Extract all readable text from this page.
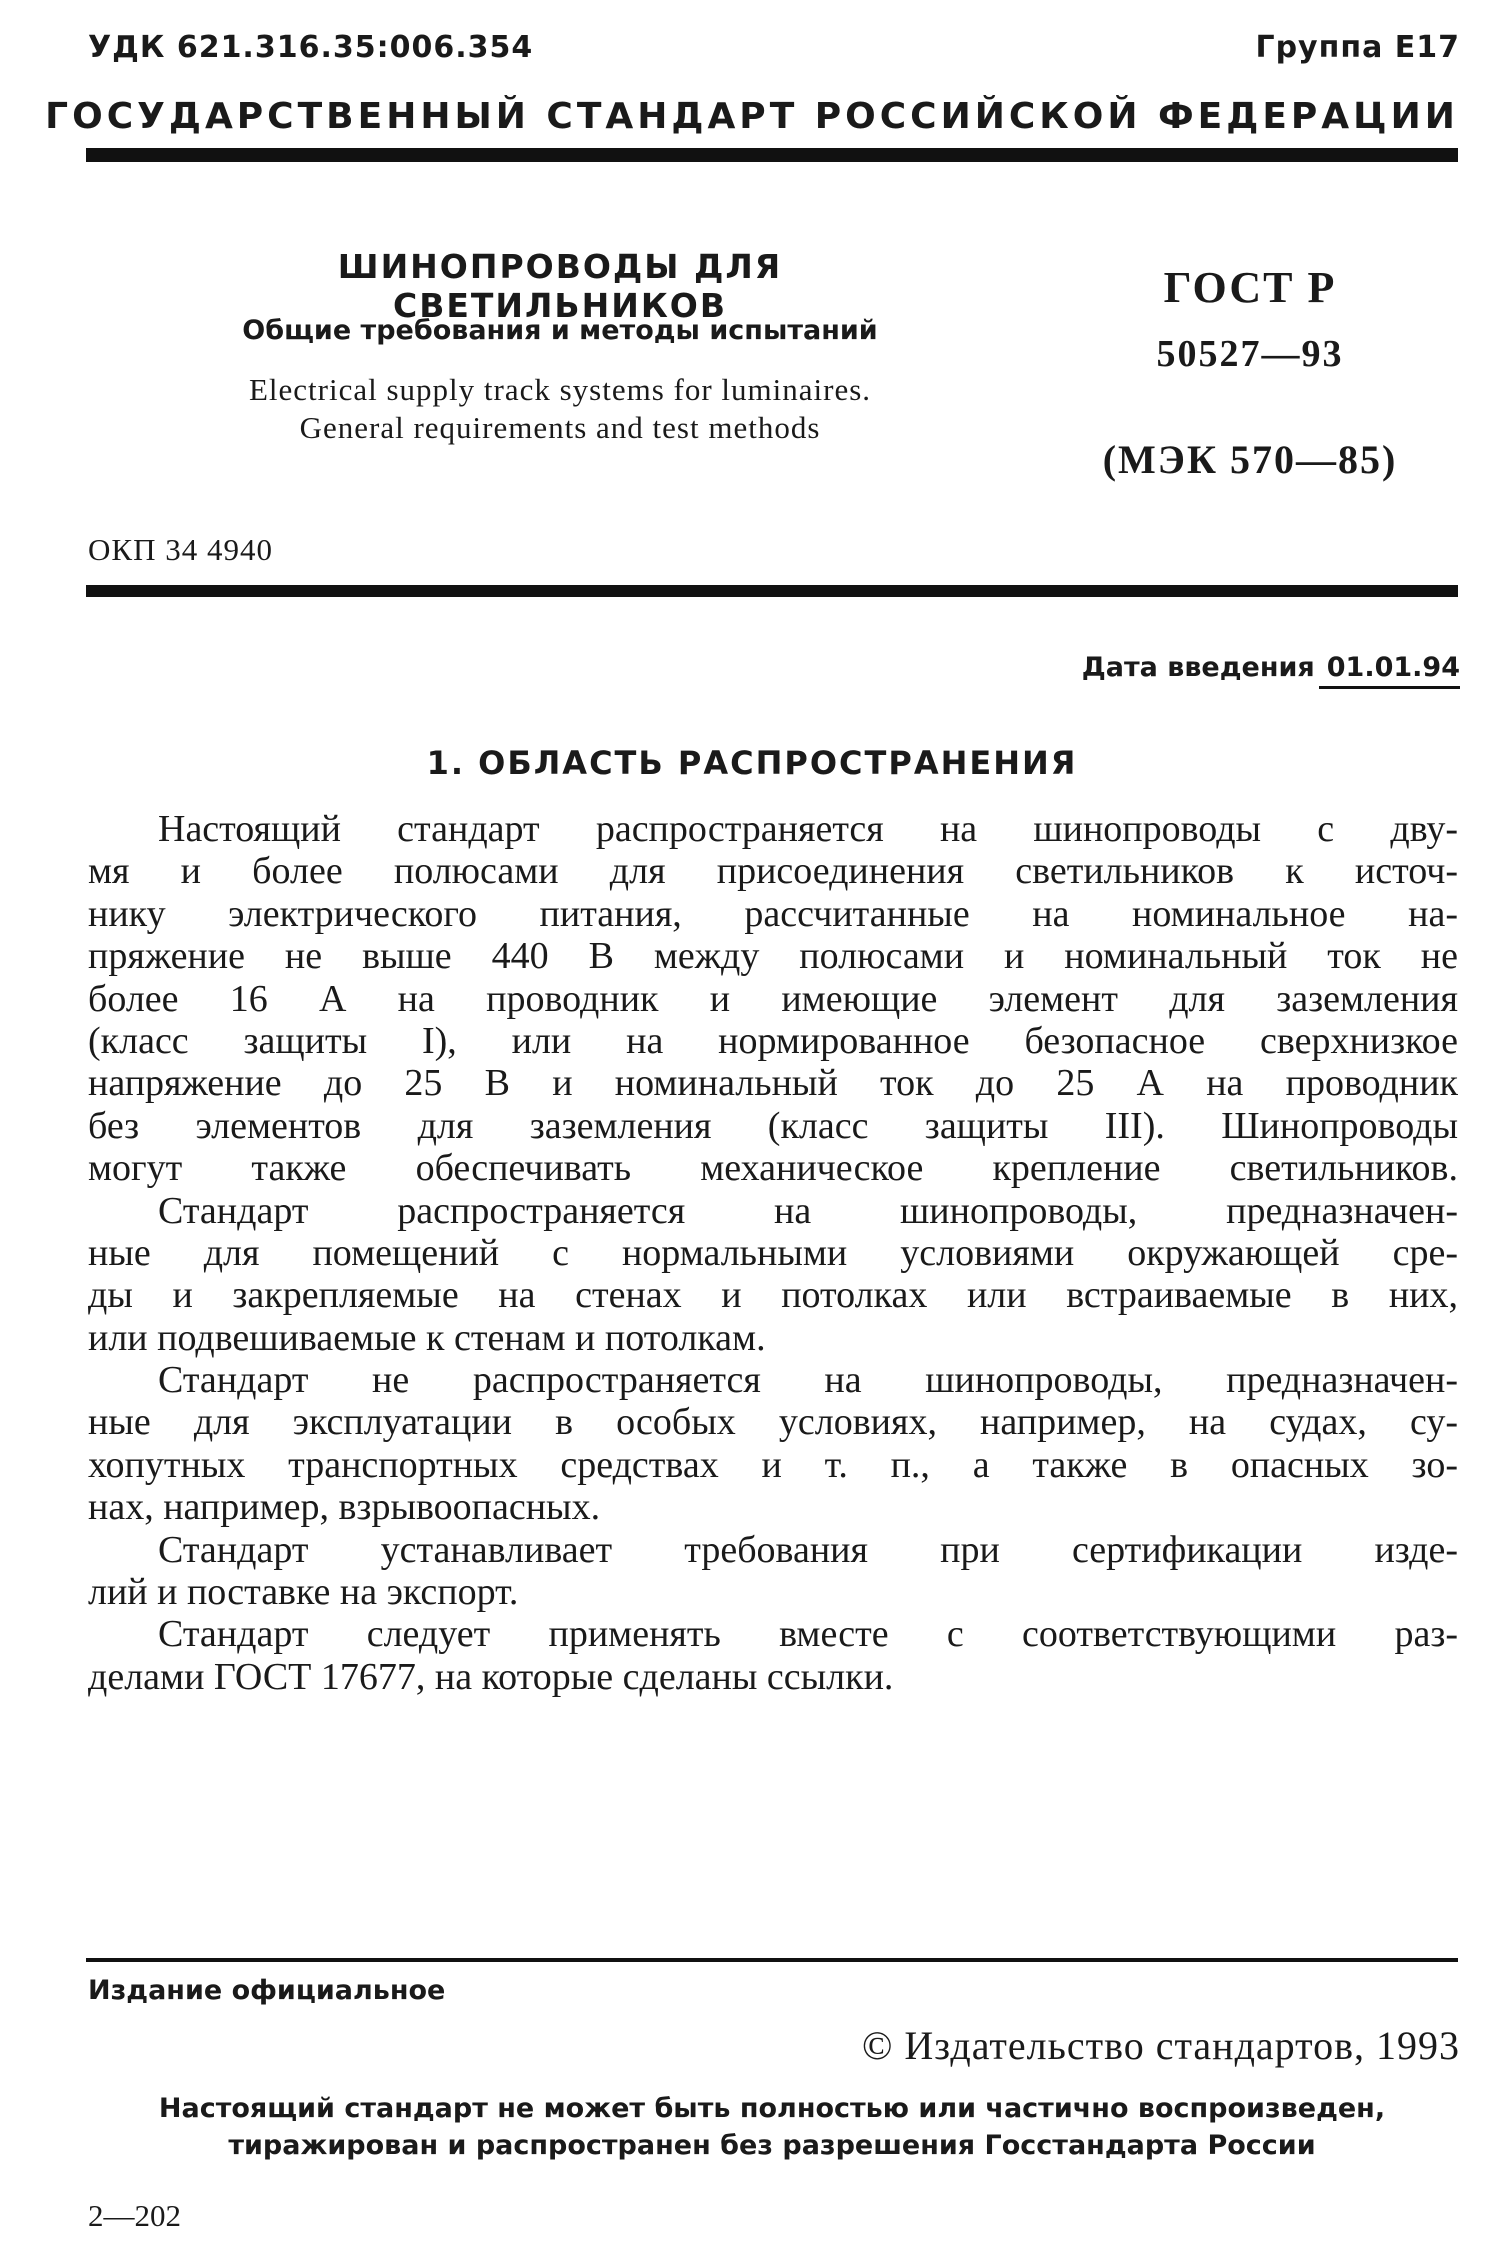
УДК 621.316.35:006.354	Группа Е17
ГОСУДАРСТВЕННЫЙ СТАНДАРТ РОССИЙСКОЙ ФЕДЕРАЦИИ
ШИНОПРОВОДЫ ДЛЯ СВЕТИЛЬНИКОВ
Общие требования и методы испытаний
Electrical supply track systems for luminaires.
General requirements and test methods
ГОСТ Р
50527—93
(МЭК 570—85)
ОКП 34 4940
Дата введения 01.01.94
1. ОБЛАСТЬ РАСПРОСТРАНЕНИЯ
Настоящий стандарт распространяется на шинопроводы с дву-
мя и более полюсами для присоединения светильников к источ-
нику электрического питания, рассчитанные на номинальное на-
пряжение не выше 440 В между полюсами и номинальный ток не
более 16 А на проводник и имеющие элемент для заземления
(класс защиты I), или на нормированное безопасное сверхнизкое
напряжение до 25 В и номинальный ток до 25 А на проводник
без элементов для заземления (класс защиты III). Шинопроводы
могут также обеспечивать механическое крепление светильников.
Стандарт распространяется на шинопроводы, предназначен-
ные для помещений с нормальными условиями окружающей сре-
ды и закрепляемые на стенах и потолках или встраиваемые в них,
или подвешиваемые к стенам и потолкам.
Стандарт не распространяется на шинопроводы, предназначен-
ные для эксплуатации в особых условиях, например, на судах, су-
хопутных транспортных средствах и т. п., а также в опасных зо-
нах, например, взрывоопасных.
Стандарт устанавливает требования при сертификации изде-
лий и поставке на экспорт.
Стандарт следует применять вместе с соответствующими раз-
делами ГОСТ 17677, на которые сделаны ссылки.
Издание официальное
© Издательство стандартов, 1993
Настоящий стандарт не может быть полностью или частично воспроизведен,
тиражирован и распространен без разрешения Госстандарта России
2—202
